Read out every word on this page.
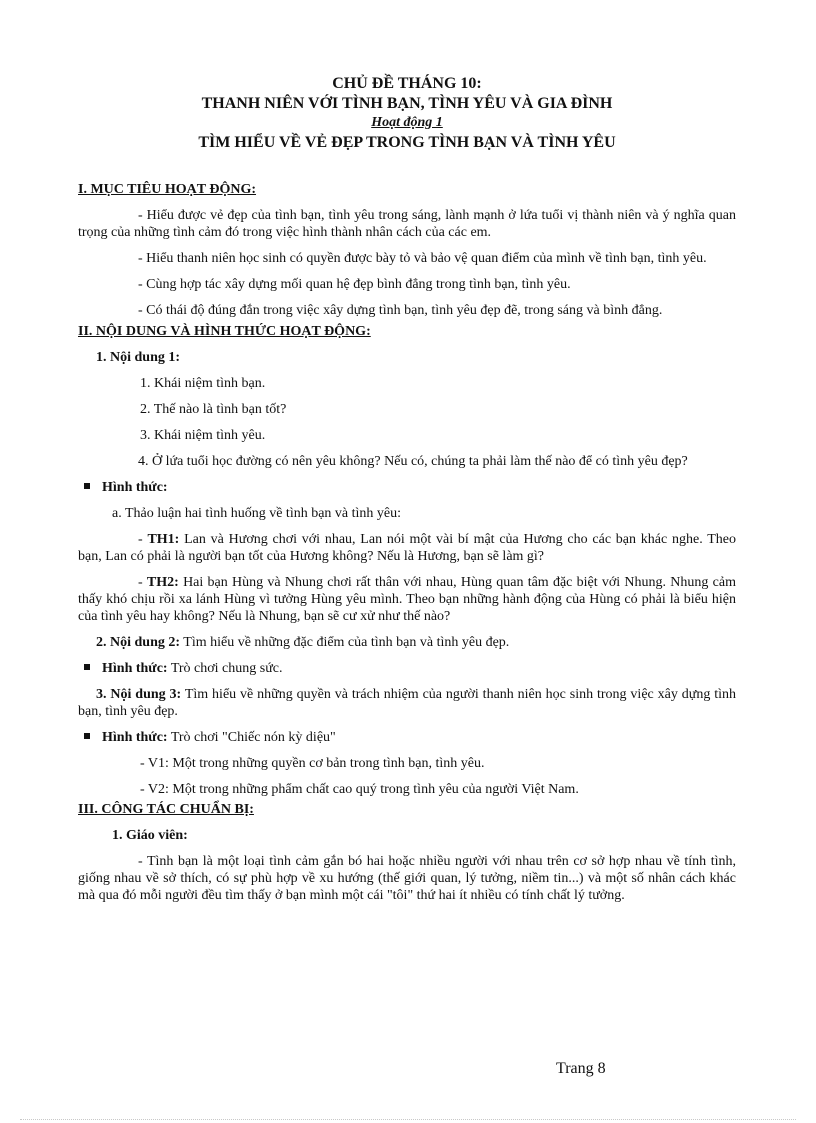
CHỦ ĐỀ THÁNG 10:

THANH NIÊN VỚI TÌNH BẠN, TÌNH YÊU VÀ GIA ĐÌNH

Hoạt động 1

TÌM HIỂU VỀ VẺ ĐẸP TRONG TÌNH BẠN VÀ TÌNH YÊU

I. MỤC TIÊU HOẠT ĐỘNG:

- Hiểu được vẻ đẹp của tình bạn, tình yêu trong sáng, lành mạnh ở lứa tuổi vị thành niên và ý nghĩa quan trọng của những tình cảm đó trong việc hình thành nhân cách của các em.

- Hiểu thanh niên học sinh có quyền được bày tỏ và bảo vệ quan điểm của mình về tình bạn, tình yêu.

- Cùng hợp tác xây dựng mối quan hệ đẹp bình đẳng trong tình bạn, tình yêu.

- Có thái độ đúng đắn trong việc xây dựng tình bạn, tình yêu đẹp đẽ, trong sáng và bình đẳng.

II. NỘI DUNG VÀ HÌNH THỨC HOẠT ĐỘNG:

1. Nội dung 1:

1. Khái niệm tình bạn.

2. Thế nào là tình bạn tốt?

3. Khái niệm tình yêu.

4. Ở lứa tuổi học đường có nên yêu không? Nếu có, chúng ta phải làm thế nào để có tình yêu đẹp?

Hình thức:

a. Thảo luận hai tình huống về tình bạn và tình yêu:

- TH1: Lan và Hương chơi với nhau, Lan nói một vài bí mật của Hương cho các bạn khác nghe. Theo bạn, Lan có phải là người bạn tốt của Hương không? Nếu là Hương, bạn sẽ làm gì?

- TH2: Hai bạn Hùng và Nhung chơi rất thân với nhau, Hùng quan tâm đặc biệt với Nhung. Nhung cảm thấy khó chịu rồi xa lánh Hùng vì tưởng Hùng yêu mình. Theo bạn những hành động của Hùng có phải là biểu hiện của tình yêu hay không? Nếu là Nhung, bạn sẽ cư xử như thế nào?

2. Nội dung 2: Tìm hiểu về những đặc điểm của tình bạn và tình yêu đẹp.

Hình thức: Trò chơi chung sức.

3. Nội dung 3: Tìm hiểu về những quyền và trách nhiệm của người thanh niên học sinh trong việc xây dựng tình bạn, tình yêu đẹp.

Hình thức: Trò chơi "Chiếc nón kỳ diệu"

- V1: Một trong những quyền cơ bản trong tình bạn, tình yêu.

- V2: Một trong những phẩm chất cao quý trong tình yêu của người Việt Nam.

III. CÔNG TÁC CHUẨN BỊ:

1. Giáo viên:

- Tình bạn là một loại tình cảm gắn bó hai hoặc nhiều người với nhau trên cơ sở hợp nhau về tính tình, giống nhau về sở thích, có sự phù hợp về xu hướng (thế giới quan, lý tưởng, niềm tin...) và một số nhân cách khác mà qua đó mỗi người đều tìm thấy ở bạn mình một cái "tôi" thứ hai ít nhiều có tính chất lý tưởng.

Trang 8
